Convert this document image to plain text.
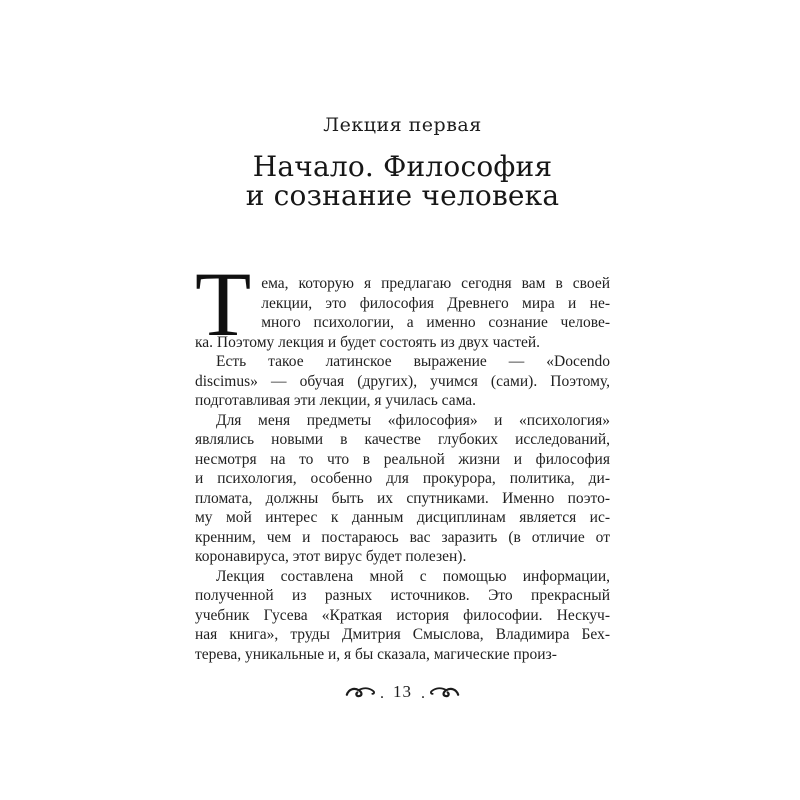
Лекция первая
Начало. Философия
и сознание человека
Т ема, которую я предлагаю сегодня вам в своей
лекции, это философия Древнего мира и не-
много психологии, а именно сознание челове-
ка. Поэтому лекция и будет состоять из двух частей.
Есть такое латинское выражение — «Docendo
discimus» — обучая (других), учимся (сами). Поэтому,
подготавливая эти лекции, я училась сама.
Для меня предметы «философия» и «психология»
являлись новыми в качестве глубоких исследований,
несмотря на то что в реальной жизни и философия
и психология, особенно для прокурора, политика, ди-
пломата, должны быть их спутниками. Именно поэто-
му мой интерес к данным дисциплинам является ис-
кренним, чем и постараюсь вас заразить (в отличие от
коронавируса, этот вирус будет полезен).
Лекция составлена мной с помощью информации,
полученной из разных источников. Это прекрасный
учебник Гусева «Краткая история философии. Нескуч-
ная книга», труды Дмитрия Смыслова, Владимира Бех-
терева, уникальные и, я бы сказала, магические произ-
. 13 .
